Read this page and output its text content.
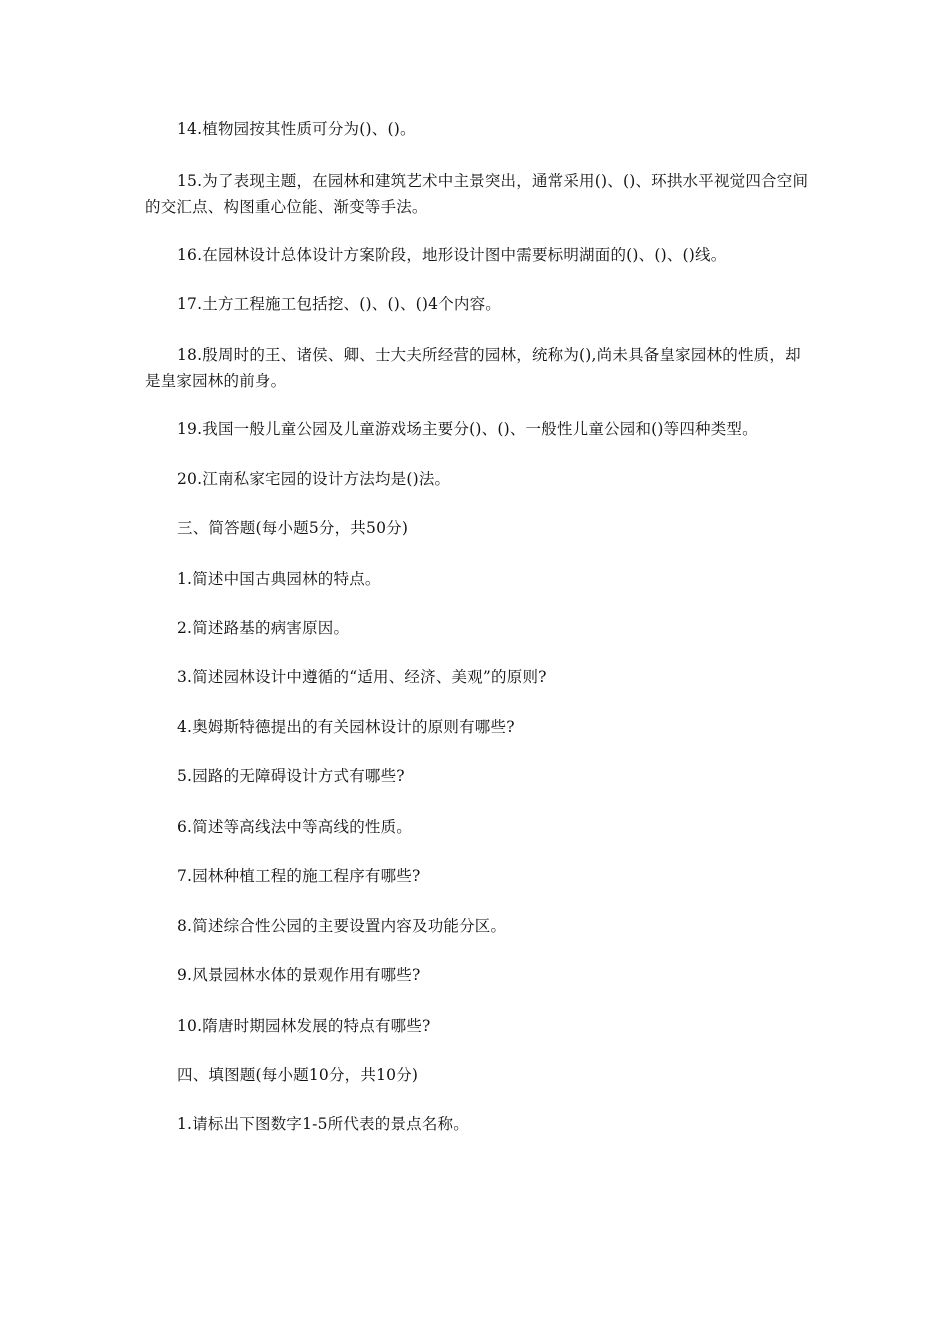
14.植物园按其性质可分为()、()。

15.为了表现主题，在园林和建筑艺术中主景突出，通常采用()、()、环拱水平视觉四合空间的交汇点、构图重心位能、渐变等手法。

16.在园林设计总体设计方案阶段，地形设计图中需要标明湖面的()、()、()线。

17.土方工程施工包括挖、()、()、()4个内容。

18.殷周时的王、诸侯、卿、士大夫所经营的园林，统称为(),尚未具备皇家园林的性质，却是皇家园林的前身。

19.我国一般儿童公园及儿童游戏场主要分()、()、一般性儿童公园和()等四种类型。

20.江南私家宅园的设计方法均是()法。

三、简答题(每小题5分，共50分)

1.简述中国古典园林的特点。

2.简述路基的病害原因。

3.简述园林设计中遵循的“适用、经济、美观”的原则?

4.奥姆斯特德提出的有关园林设计的原则有哪些?

5.园路的无障碍设计方式有哪些?

6.简述等高线法中等高线的性质。

7.园林种植工程的施工程序有哪些?

8.简述综合性公园的主要设置内容及功能分区。

9.风景园林水体的景观作用有哪些?

10.隋唐时期园林发展的特点有哪些?

四、填图题(每小题10分，共10分)

1.请标出下图数字1-5所代表的景点名称。
